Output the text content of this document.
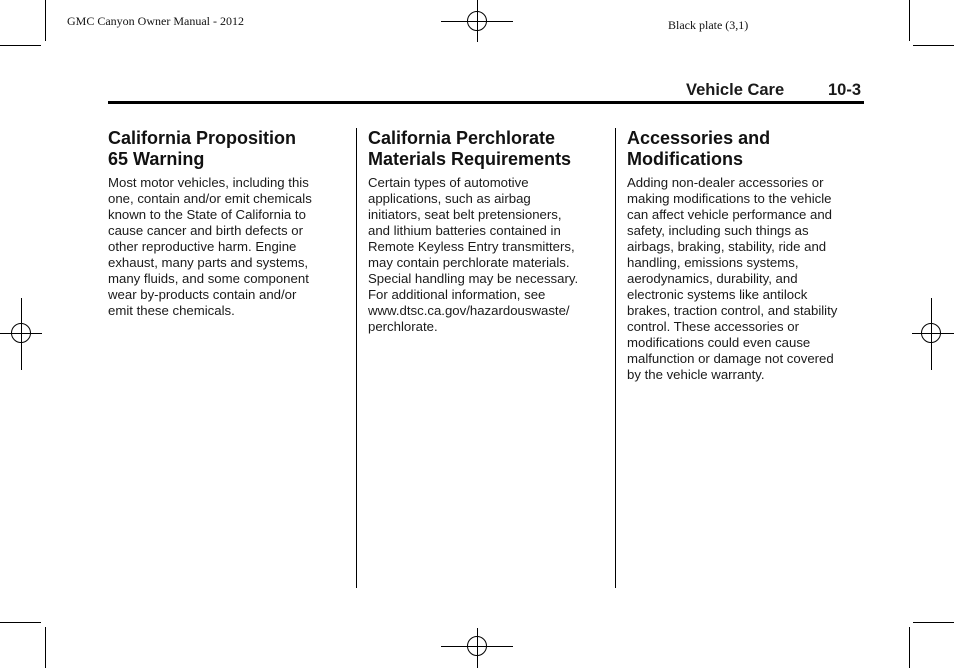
GMC Canyon Owner Manual - 2012	Black plate (3,1)
Vehicle Care	10-3
California Proposition
65 Warning

Most motor vehicles, including this
one, contain and/or emit chemicals
known to the State of California to
cause cancer and birth defects or
other reproductive harm. Engine
exhaust, many parts and systems,
many fluids, and some component
wear by-products contain and/or
emit these chemicals.

California Perchlorate
Materials Requirements

Certain types of automotive
applications, such as airbag
initiators, seat belt pretensioners,
and lithium batteries contained in
Remote Keyless Entry transmitters,
may contain perchlorate materials.
Special handling may be necessary.
For additional information, see
www.dtsc.ca.gov/hazardouswaste/
perchlorate.

Accessories and
Modifications

Adding non-dealer accessories or
making modifications to the vehicle
can affect vehicle performance and
safety, including such things as
airbags, braking, stability, ride and
handling, emissions systems,
aerodynamics, durability, and
electronic systems like antilock
brakes, traction control, and stability
control. These accessories or
modifications could even cause
malfunction or damage not covered
by the vehicle warranty.
